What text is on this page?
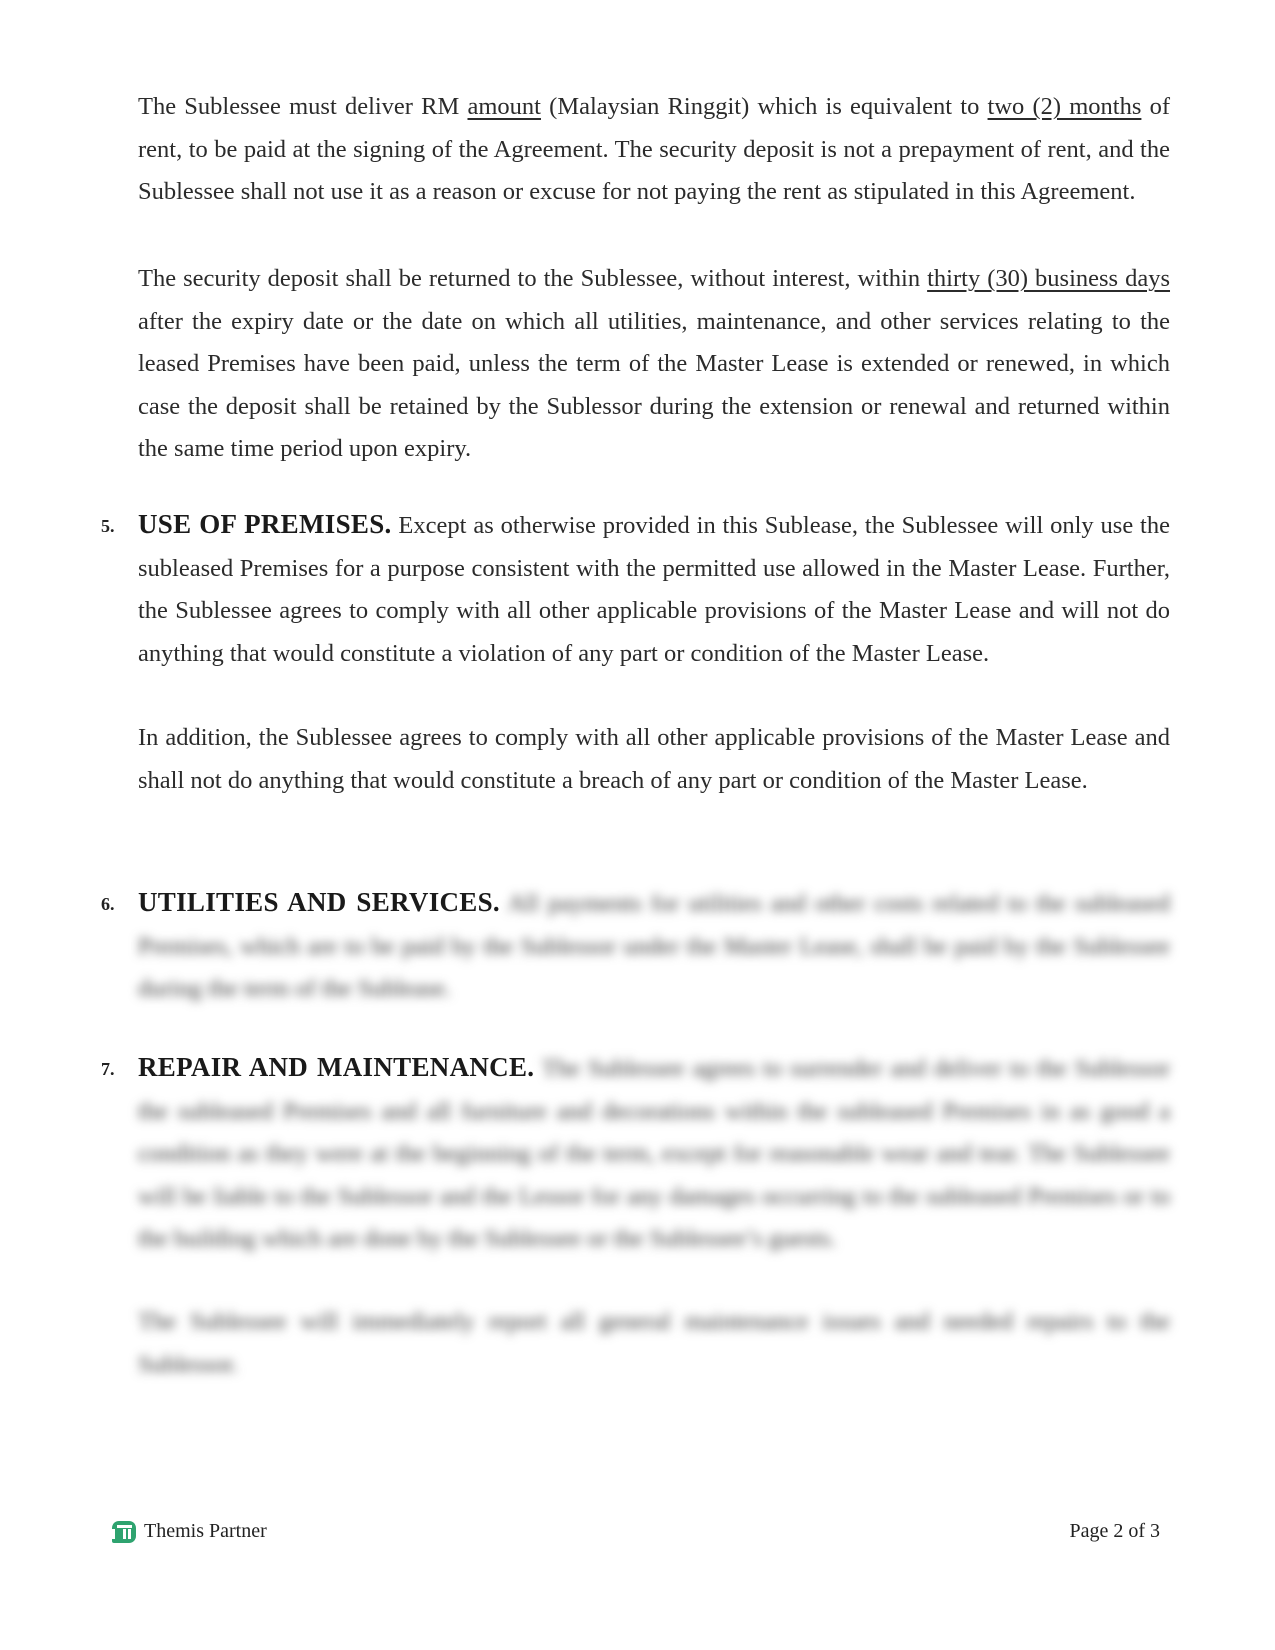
The Sublessee must deliver RM amount (Malaysian Ringgit) which is equivalent to two (2) months of rent, to be paid at the signing of the Agreement. The security deposit is not a prepayment of rent, and the Sublessee shall not use it as a reason or excuse for not paying the rent as stipulated in this Agreement.

The security deposit shall be returned to the Sublessee, without interest, within thirty (30) business days after the expiry date or the date on which all utilities, maintenance, and other services relating to the leased Premises have been paid, unless the term of the Master Lease is extended or renewed, in which case the deposit shall be retained by the Sublessor during the extension or renewal and returned within the same time period upon expiry.

5. USE OF PREMISES. Except as otherwise provided in this Sublease, the Sublessee will only use the subleased Premises for a purpose consistent with the permitted use allowed in the Master Lease. Further, the Sublessee agrees to comply with all other applicable provisions of the Master Lease and will not do anything that would constitute a violation of any part or condition of the Master Lease.

In addition, the Sublessee agrees to comply with all other applicable provisions of the Master Lease and shall not do anything that would constitute a breach of any part or condition of the Master Lease.

6. UTILITIES AND SERVICES. All payments for utilities and other costs related to the subleased Premises, which are to be paid by the Sublessor under the Master Lease, shall be paid by the Sublessee during the term of the Sublease.

7. REPAIR AND MAINTENANCE. The Sublessee agrees to surrender and deliver to the Sublessor the subleased Premises and all furniture and decorations within the subleased Premises in as good a condition as they were at the beginning of the term, except for reasonable wear and tear. The Sublessee will be liable to the Sublessor and the Lessor for any damages occurring to the subleased Premises or to the building which are done by the Sublessee or the Sublessee’s guests.

The Sublessee will immediately report all general maintenance issues and needed repairs to the Sublessor.

Themis Partner	Page 2 of 3
